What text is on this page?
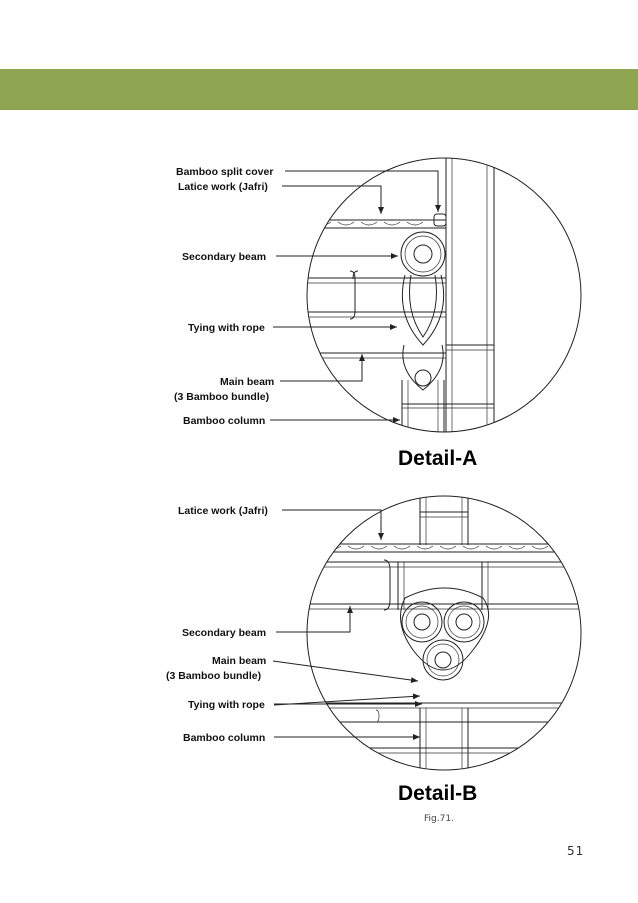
Bamboo split cover
Latice work (Jafri)
Secondary beam
Tying with rope
Main beam
(3 Bamboo bundle)
Bamboo column
Detail-A
Latice work (Jafri)
Secondary beam
Main beam
(3 Bamboo bundle)
Tying with rope
Bamboo column
Detail-B
Fig.71.
51
